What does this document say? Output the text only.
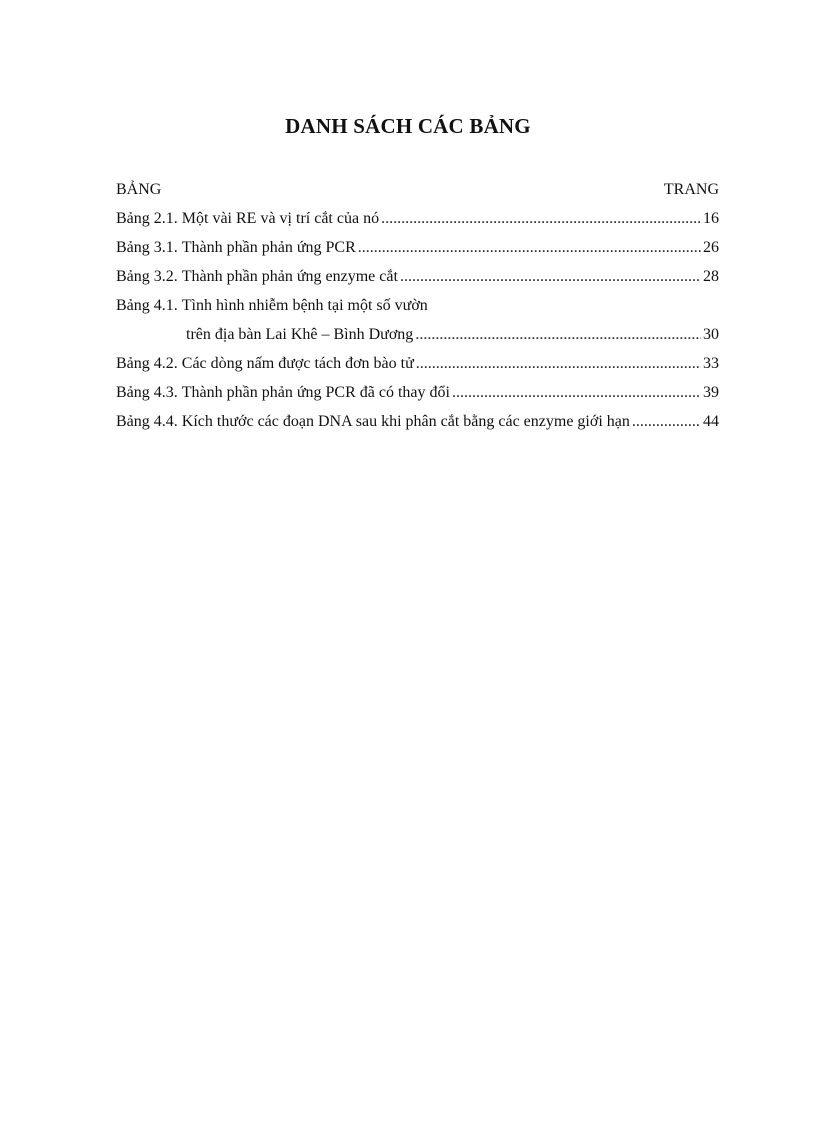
DANH SÁCH CÁC BẢNG
BẢNG	TRANG
Bảng 2.1. Một vài RE và vị trí cắt của nó .....	16
Bảng 3.1. Thành phần phản ứng PCR .....	26
Bảng 3.2. Thành phần phản ứng enzyme cắt .....	28
Bảng 4.1. Tình hình nhiễm bệnh tại một số vườn
trên địa bàn Lai Khê – Bình Dương .....	30
Bảng 4.2. Các dòng nấm được tách đơn bào tử .....	33
Bảng 4.3. Thành phần phản ứng PCR đã có thay đổi .....	39
Bảng 4.4. Kích thước các đoạn DNA sau khi phân cắt bằng các enzyme giới hạn .....	44
